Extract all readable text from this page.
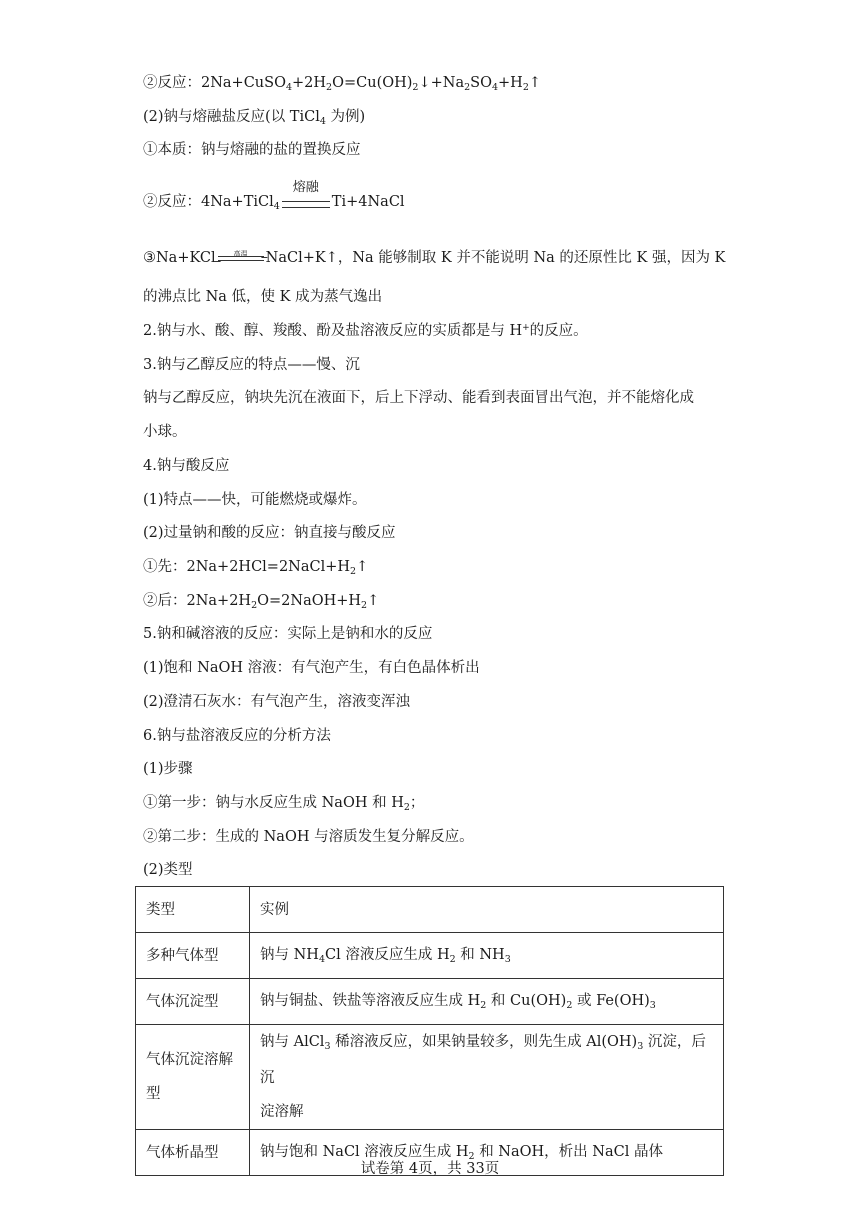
②反应：$2Na+CuSO_4+2H_2O=Cu(OH)_2↓+Na_2SO_4+H_2↑$
(2)钠与熔融盐反应(以 TiCl$_4$ 为例)
①本质：钠与熔融的盐的置换反应
②反应：4Na+TiCl$_4$
熔融
Ti+4NaCl
③Na+KCl	高温	NaCl+K↑，Na 能够制取 K 并不能说明 Na 的还原性比 K 强，因为 K
的沸点比 Na 低，使 K 成为蒸气逸出
2.钠与水、酸、醇、羧酸、酚及盐溶液反应的实质都是与 H+的反应。
3.钠与乙醇反应的特点——慢、沉
钠与乙醇反应，钠块先沉在液面下，后上下浮动、能看到表面冒出气泡，并不能熔化成
小球。
4.钠与酸反应
(1)特点——快，可能燃烧或爆炸。
(2)过量钠和酸的反应：钠直接与酸反应
①先：$2Na+2HCl=2NaCl+H_2↑$
②后：$2Na+2H_2O=2NaOH+H_2↑$
5.钠和碱溶液的反应：实际上是钠和水的反应
(1)饱和 NaOH 溶液：有气泡产生，有白色晶体析出
(2)澄清石灰水：有气泡产生，溶液变浑浊
6.钠与盐溶液反应的分析方法
(1)步骤
①第一步：钠与水反应生成 NaOH 和 $H_2$；
②第二步：生成的 NaOH 与溶质发生复分解反应。
(2)类型
类型	实例
多种气体型	钠与 $NH_4Cl$ 溶液反应生成 $H_2$ 和 $NH_3$
气体沉淀型	钠与铜盐、铁盐等溶液反应生成 $H_2$ 和 $Cu(OH)_2$ 或 $Fe(OH)_3$
气体沉淀溶解
型	钠与 AlCl$_3$ 稀溶液反应，如果钠量较多，则先生成 $Al(OH)_3$ 沉淀，后沉
淀溶解
气体析晶型	钠与饱和 NaCl 溶液反应生成 $H_2$ 和 NaOH，析出 NaCl 晶体
试卷第 4页，共 33页
